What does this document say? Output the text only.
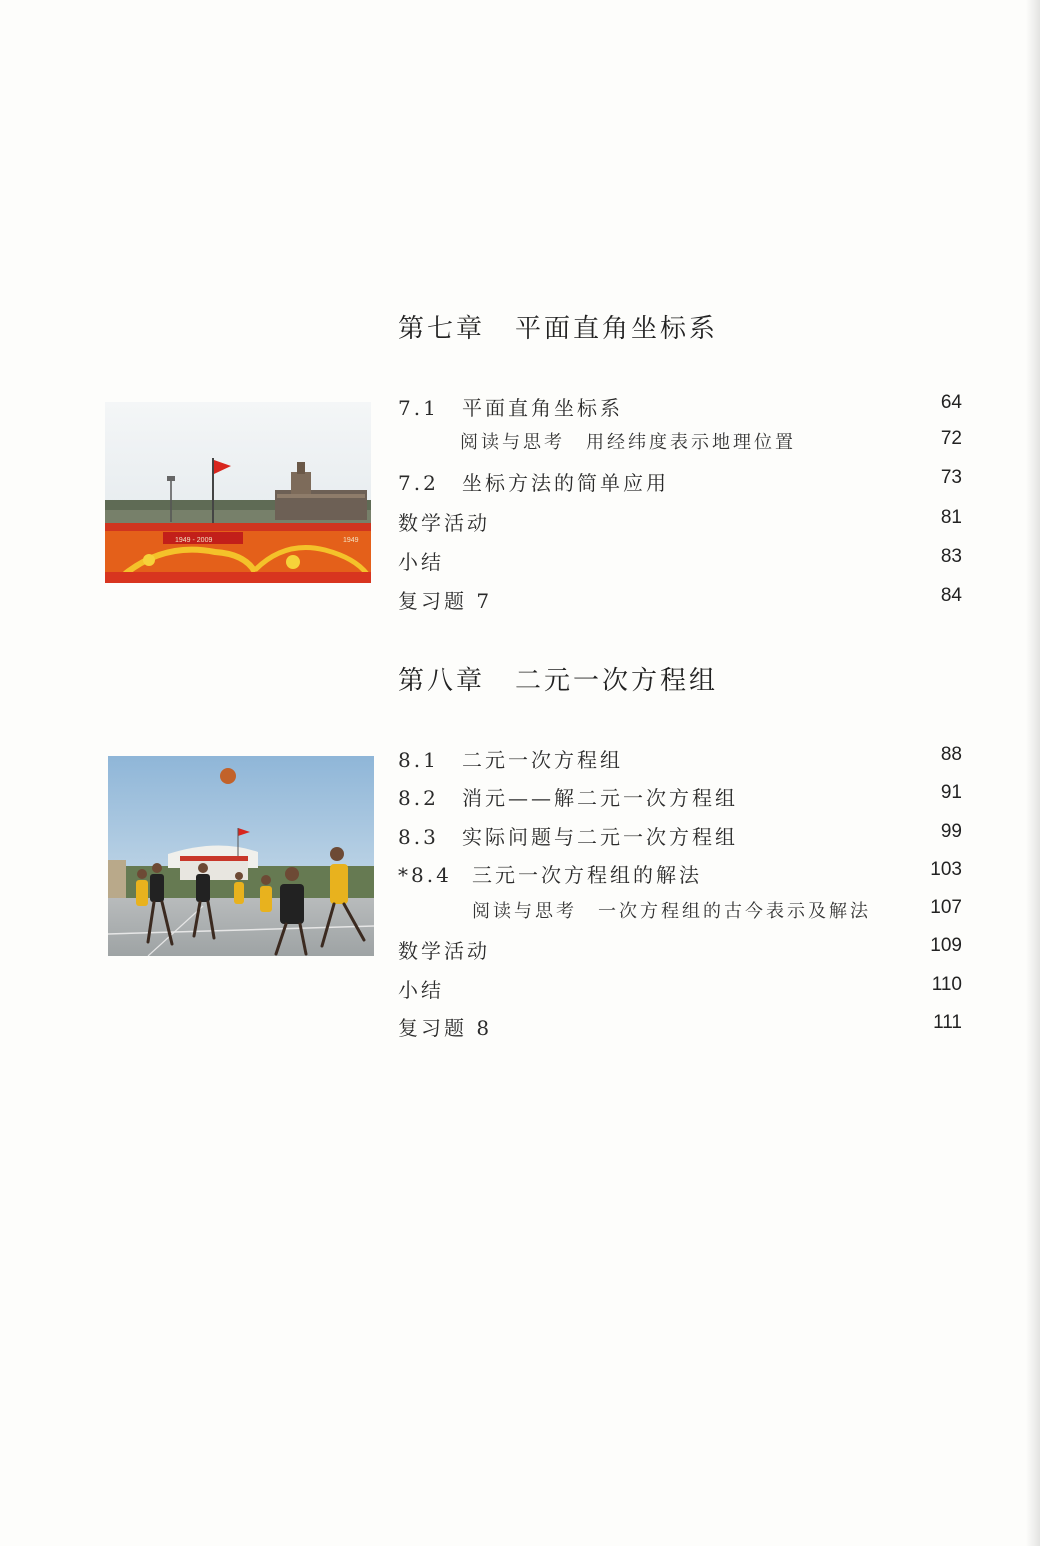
第七章 平面直角坐标系
1949 - 2009	1949
7.1 平面直角坐标系	64
阅读与思考　用经纬度表示地理位置	72
7.2 坐标方法的简单应用	73
数学活动	81
小结	83
复习题 7	84
第八章 二元一次方程组
8.1 二元一次方程组	88
8.2 消元——解二元一次方程组	91
8.3 实际问题与二元一次方程组	99
*8.4 三元一次方程组的解法	103
阅读与思考　一次方程组的古今表示及解法	107
数学活动	109
小结	110
复习题 8	111
